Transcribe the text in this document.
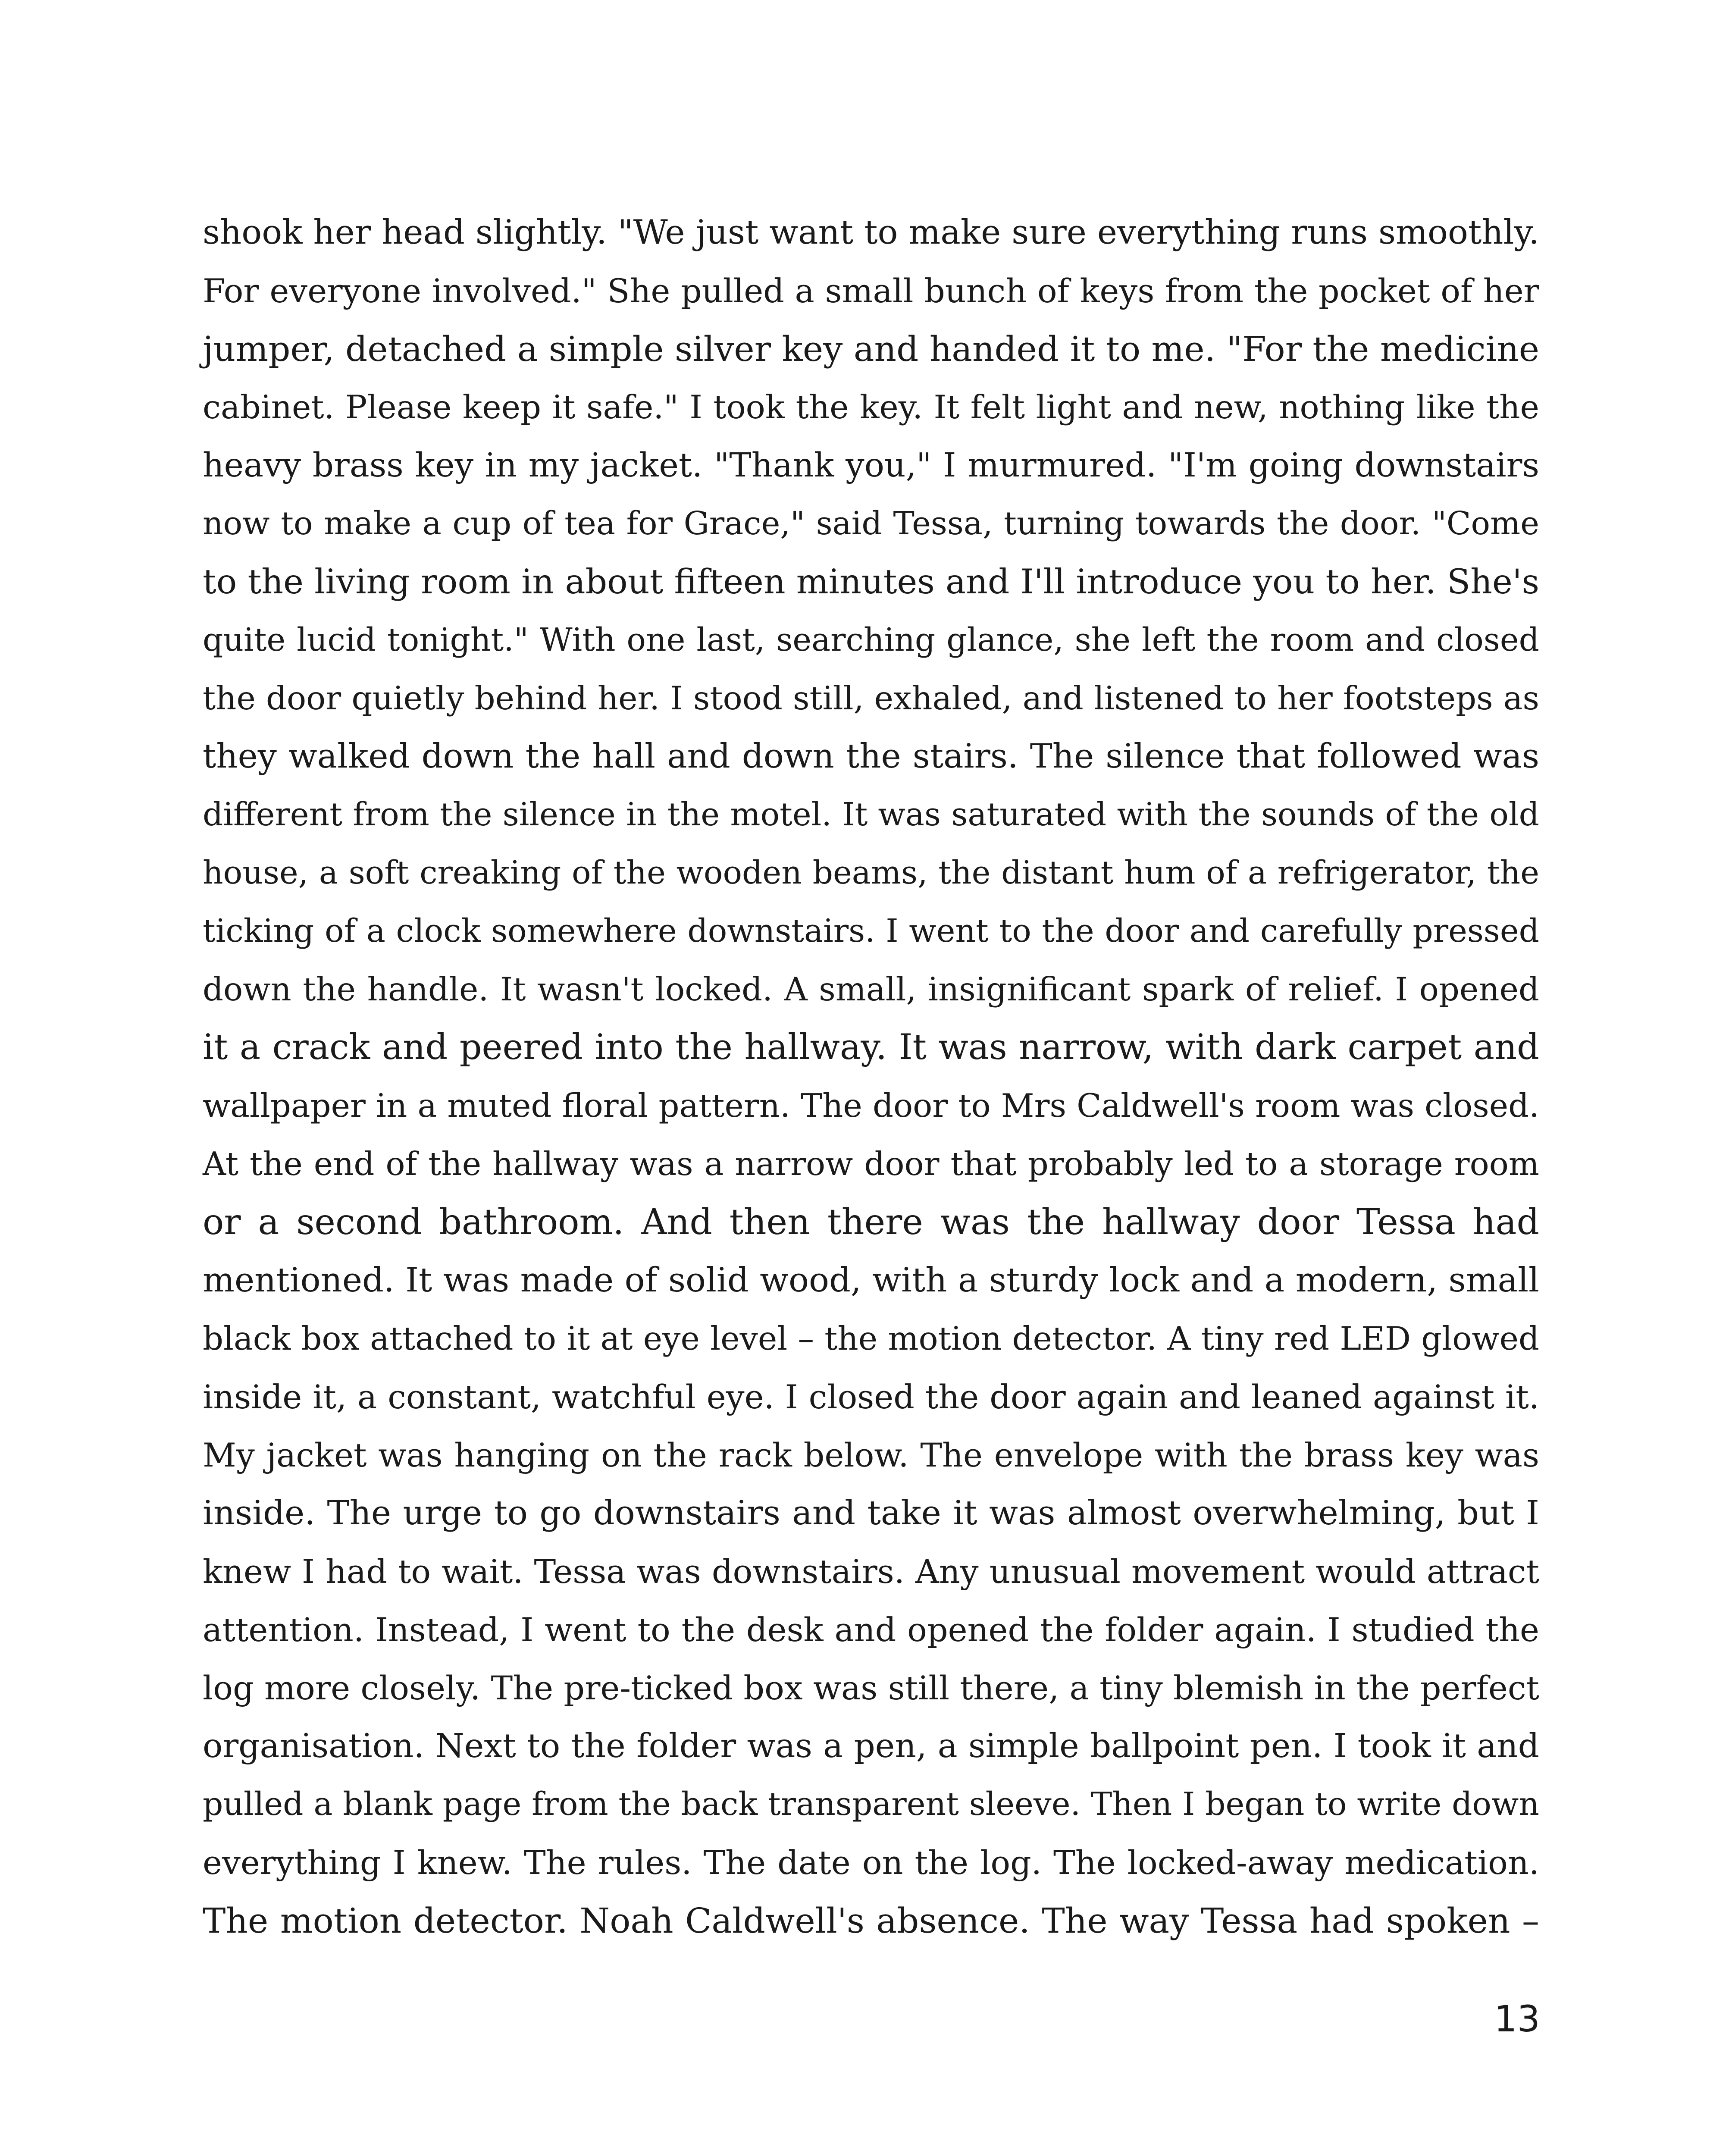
shook her head slightly. "We just want to make sure everything runs smoothly.
For everyone involved." She pulled a small bunch of keys from the pocket of her
jumper, detached a simple silver key and handed it to me. "For the medicine
cabinet. Please keep it safe." I took the key. It felt light and new, nothing like the
heavy brass key in my jacket. "Thank you," I murmured. "I'm going downstairs
now to make a cup of tea for Grace," said Tessa, turning towards the door. "Come
to the living room in about fifteen minutes and I'll introduce you to her. She's
quite lucid tonight." With one last, searching glance, she left the room and closed
the door quietly behind her. I stood still, exhaled, and listened to her footsteps as
they walked down the hall and down the stairs. The silence that followed was
different from the silence in the motel. It was saturated with the sounds of the old
house, a soft creaking of the wooden beams, the distant hum of a refrigerator, the
ticking of a clock somewhere downstairs. I went to the door and carefully pressed
down the handle. It wasn't locked. A small, insignificant spark of relief. I opened
it a crack and peered into the hallway. It was narrow, with dark carpet and
wallpaper in a muted floral pattern. The door to Mrs Caldwell's room was closed.
At the end of the hallway was a narrow door that probably led to a storage room
or a second bathroom. And then there was the hallway door Tessa had
mentioned. It was made of solid wood, with a sturdy lock and a modern, small
black box attached to it at eye level – the motion detector. A tiny red LED glowed
inside it, a constant, watchful eye. I closed the door again and leaned against it.
My jacket was hanging on the rack below. The envelope with the brass key was
inside. The urge to go downstairs and take it was almost overwhelming, but I
knew I had to wait. Tessa was downstairs. Any unusual movement would attract
attention. Instead, I went to the desk and opened the folder again. I studied the
log more closely. The pre-ticked box was still there, a tiny blemish in the perfect
organisation. Next to the folder was a pen, a simple ballpoint pen. I took it and
pulled a blank page from the back transparent sleeve. Then I began to write down
everything I knew. The rules. The date on the log. The locked-away medication.
The motion detector. Noah Caldwell's absence. The way Tessa had spoken –
13
